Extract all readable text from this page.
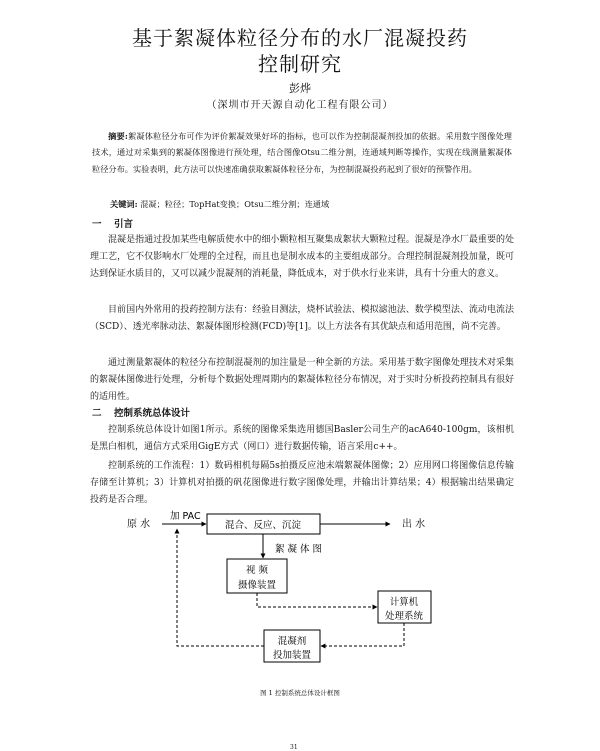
基于絮凝体粒径分布的水厂混凝投药
控制研究
彭烨
（深圳市开天源自动化工程有限公司）
摘要:絮凝体粒径分布可作为评价絮凝效果好坏的指标，也可以作为控制混凝剂投加的依据。采用数字图像处理技术，通过对采集到的絮凝体图像进行预处理，结合图像Otsu二维分割，连通域判断等操作，实现在线测量絮凝体粒径分布。实验表明，此方法可以快速准确获取絮凝体粒径分布，为控制混凝投药起到了很好的预警作用。
关键词: 混凝；粒径；TopHat变换；Otsu二维分割；连通域
一 引言
混凝是指通过投加某些电解质使水中的细小颗粒相互聚集成絮状大颗粒过程。混凝是净水厂最重要的处理工艺，它不仅影响水厂处理的全过程，而且也是制水成本的主要组成部分。合理控制混凝剂投加量，既可达到保证水质目的，又可以减少混凝剂的消耗量，降低成本，对于供水行业来讲，具有十分重大的意义。
目前国内外常用的投药控制方法有：经验目测法，烧杯试验法、模拟滤池法、数学模型法、流动电流法（SCD）、透光率脉动法、絮凝体图形检测(FCD)等[1]。以上方法各有其优缺点和适用范围，尚不完善。
通过测量絮凝体的粒径分布控制混凝剂的加注量是一种全新的方法。采用基于数字图像处理技术对采集的絮凝体图像进行处理，分析每个数据处理周期内的絮凝体粒径分布情况，对于实时分析投药控制具有很好的适用性。
二 控制系统总体设计
控制系统总体设计如图1所示。系统的图像采集选用德国Basler公司生产的acA640-100gm，该相机是黑白相机，通信方式采用GigE方式（网口）进行数据传输，语言采用c++。
控制系统的工作流程：1）数码相机每隔5s拍摄反应池末端絮凝体图像；2）应用网口将图像信息传输存储至计算机；3）计算机对拍摄的矾花图像进行数字图像处理，并输出计算结果；4）根据输出结果确定投药是否合理。
原 水
加 PAC
混合、反应、沉淀	出 水
絮 凝 体 图
视 频
摄像装置
计算机
处理系统
混凝剂
投加装置
图 1 控制系统总体设计框图
31
